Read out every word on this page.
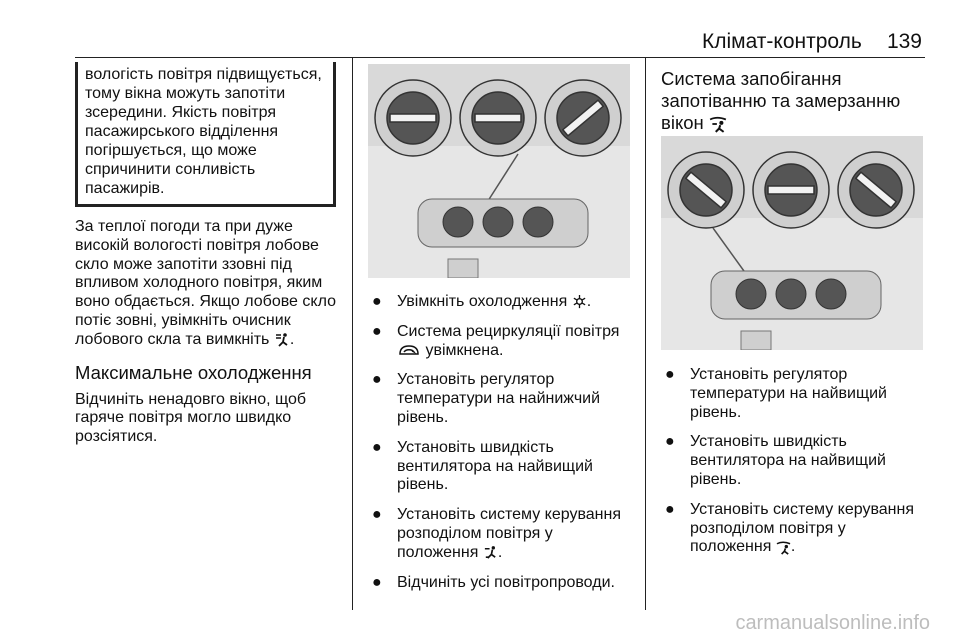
Клімат-контроль 139

вологість повітря підвищується,

тому вікна можуть запотіти

зсередини. Якість повітря

пасажирського відділення

погіршується, що може

спричинити сонливість

пасажирів.

За теплої погоди та при дуже

високій вологості повітря лобове

скло може запотіти ззовні під

впливом холодного повітря, яким

воно обдається. Якщо лобове скло

потіє зовні, увімкніть очисник

лобового скла та вимкніть .

Максимальне охолодження

Відчиніть ненадовго вікно, щоб

гаряче повітря могло швидко

розсіятися.

● Увімкніть охолодження .
● Система рециркуляції повітря

увімкнена.

● Установіть регулятор

температури на найнижчий

рівень.

● Установіть швидкість

вентилятора на найвищий

рівень.

● Установіть систему керування

розподілом повітря у

положення .

● Відчиніть усі повітропроводи.
Система запобігання
запотіванню та замерзанню
вікон
● Установіть регулятор

температури на найвищий

рівень.

● Установіть швидкість

вентилятора на найвищий

рівень.

● Установіть систему керування

розподілом повітря у

положення .

carmanualsonline.info
